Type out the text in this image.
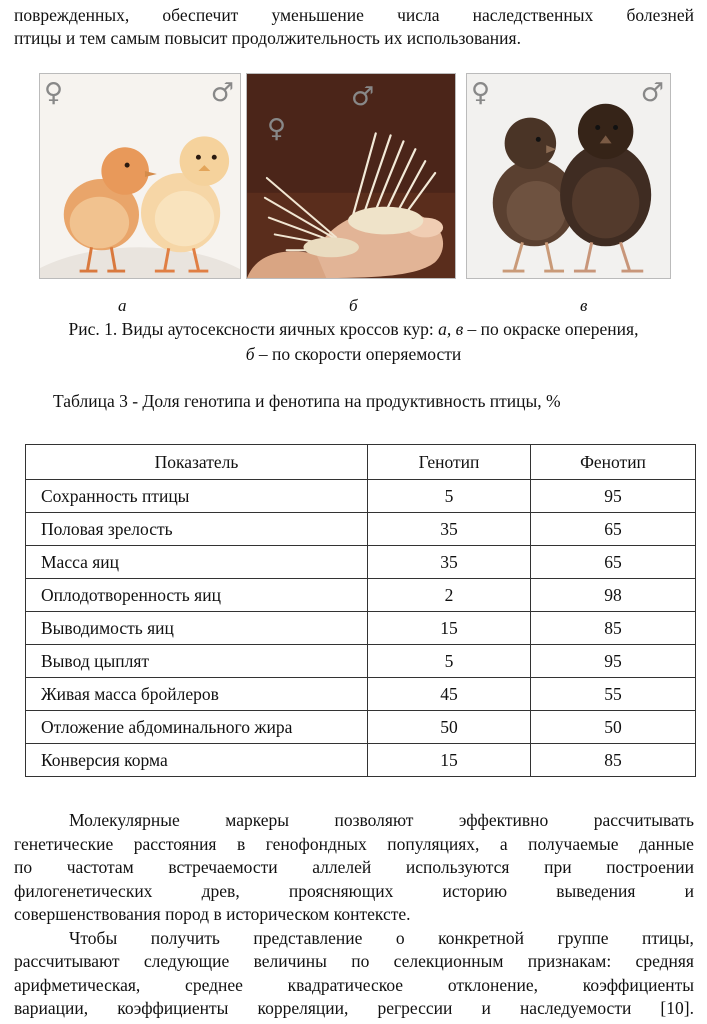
поврежденных, обеспечит уменьшение числа наследственных болезней
птицы и тем самым повысит продолжительность их использования.
♀	♂	♂
♀
♀	♂
а	б	в
Рис. 1. Виды аутосексности яичных кроссов кур: а, в – по окраске оперения,
б – по скорости оперяемости
Таблица 3 - Доля генотипа и фенотипа на продуктивность птицы, %
Показатель	Генотип	Фенотип
Сохранность птицы	5	95
Половая зрелость	35	65
Масса яиц	35	65
Оплодотворенность яиц	2	98
Выводимость яиц	15	85
Вывод цыплят	5	95
Живая масса бройлеров	45	55
Отложение абдоминального жира	50	50
Конверсия корма	15	85
Молекулярные	маркеры	позволяют	эффективно	рассчитывать
генетические расстояния в генофондных популяциях, а получаемые данные
по частотам встречаемости аллелей используются при построении
филогенетических	древ,	проясняющих	историю	выведения	и
совершенствования пород в историческом контексте.
Чтобы получить представление о конкретной группе птицы,
рассчитывают следующие величины по селекционным признакам: средняя
арифметическая,	среднее	квадратическое	отклонение,	коэффициенты
вариации, коэффициенты корреляции, регрессии и наследуемости [10].
